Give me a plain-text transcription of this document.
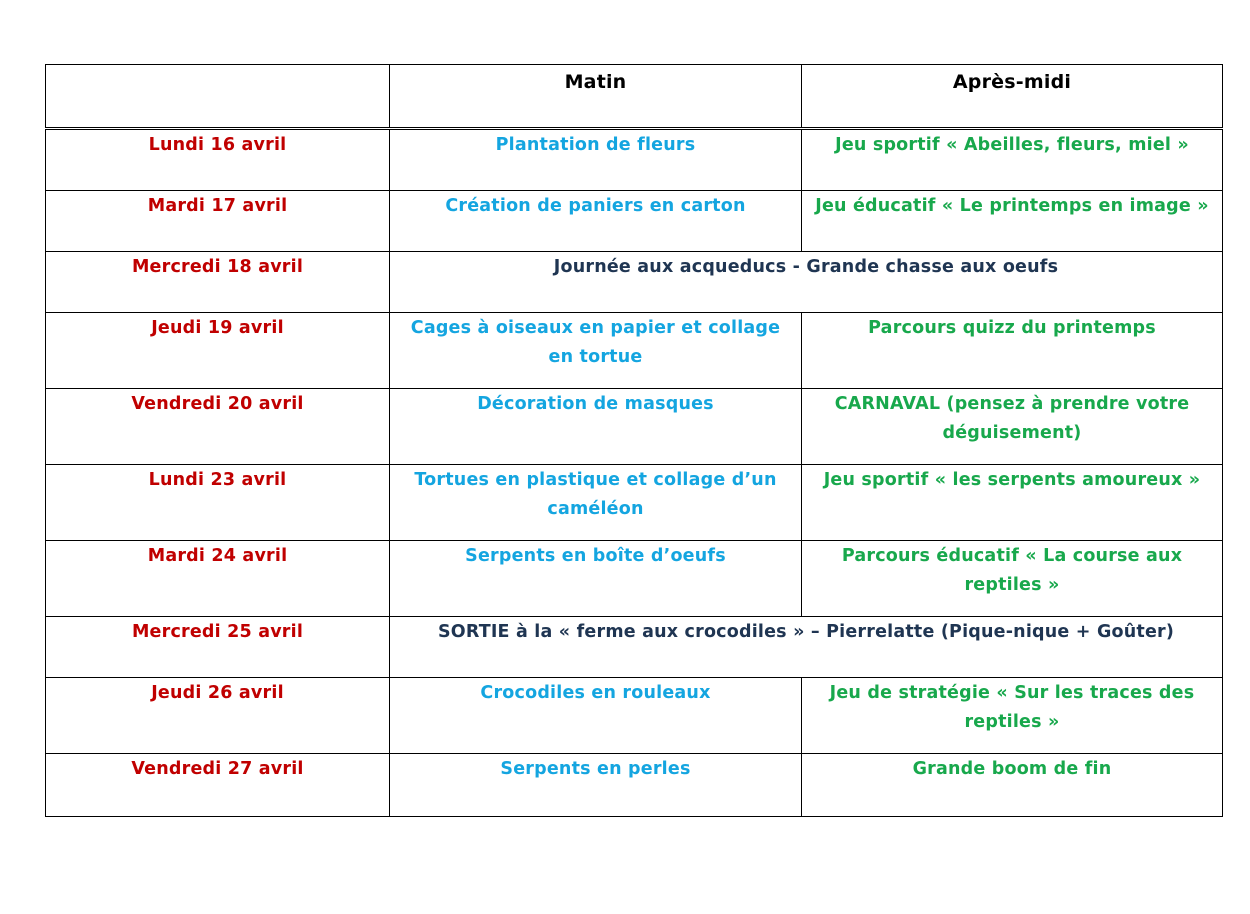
	Matin	Après-midi
Lundi 16 avril	Plantation de fleurs	Jeu sportif « Abeilles, fleurs, miel »
Mardi 17 avril	Création de paniers en carton	Jeu éducatif « Le printemps en image »
Mercredi 18 avril	Journée aux acqueducs - Grande chasse aux oeufs	
Jeudi 19 avril	Cages à oiseaux en papier et collage en tortue	Parcours quizz du printemps
Vendredi 20 avril	Décoration de masques	CARNAVAL (pensez à prendre votre déguisement)
Lundi 23 avril	Tortues en plastique et collage d’un caméléon	Jeu sportif « les serpents amoureux »
Mardi 24 avril	Serpents en boîte d’oeufs	Parcours éducatif « La course aux reptiles »
Mercredi 25 avril	SORTIE à la « ferme aux crocodiles » – Pierrelatte (Pique-nique + Goûter)	
Jeudi 26 avril	Crocodiles en rouleaux	Jeu de stratégie « Sur les traces des reptiles »
Vendredi 27 avril	Serpents en perles	Grande boom de fin
